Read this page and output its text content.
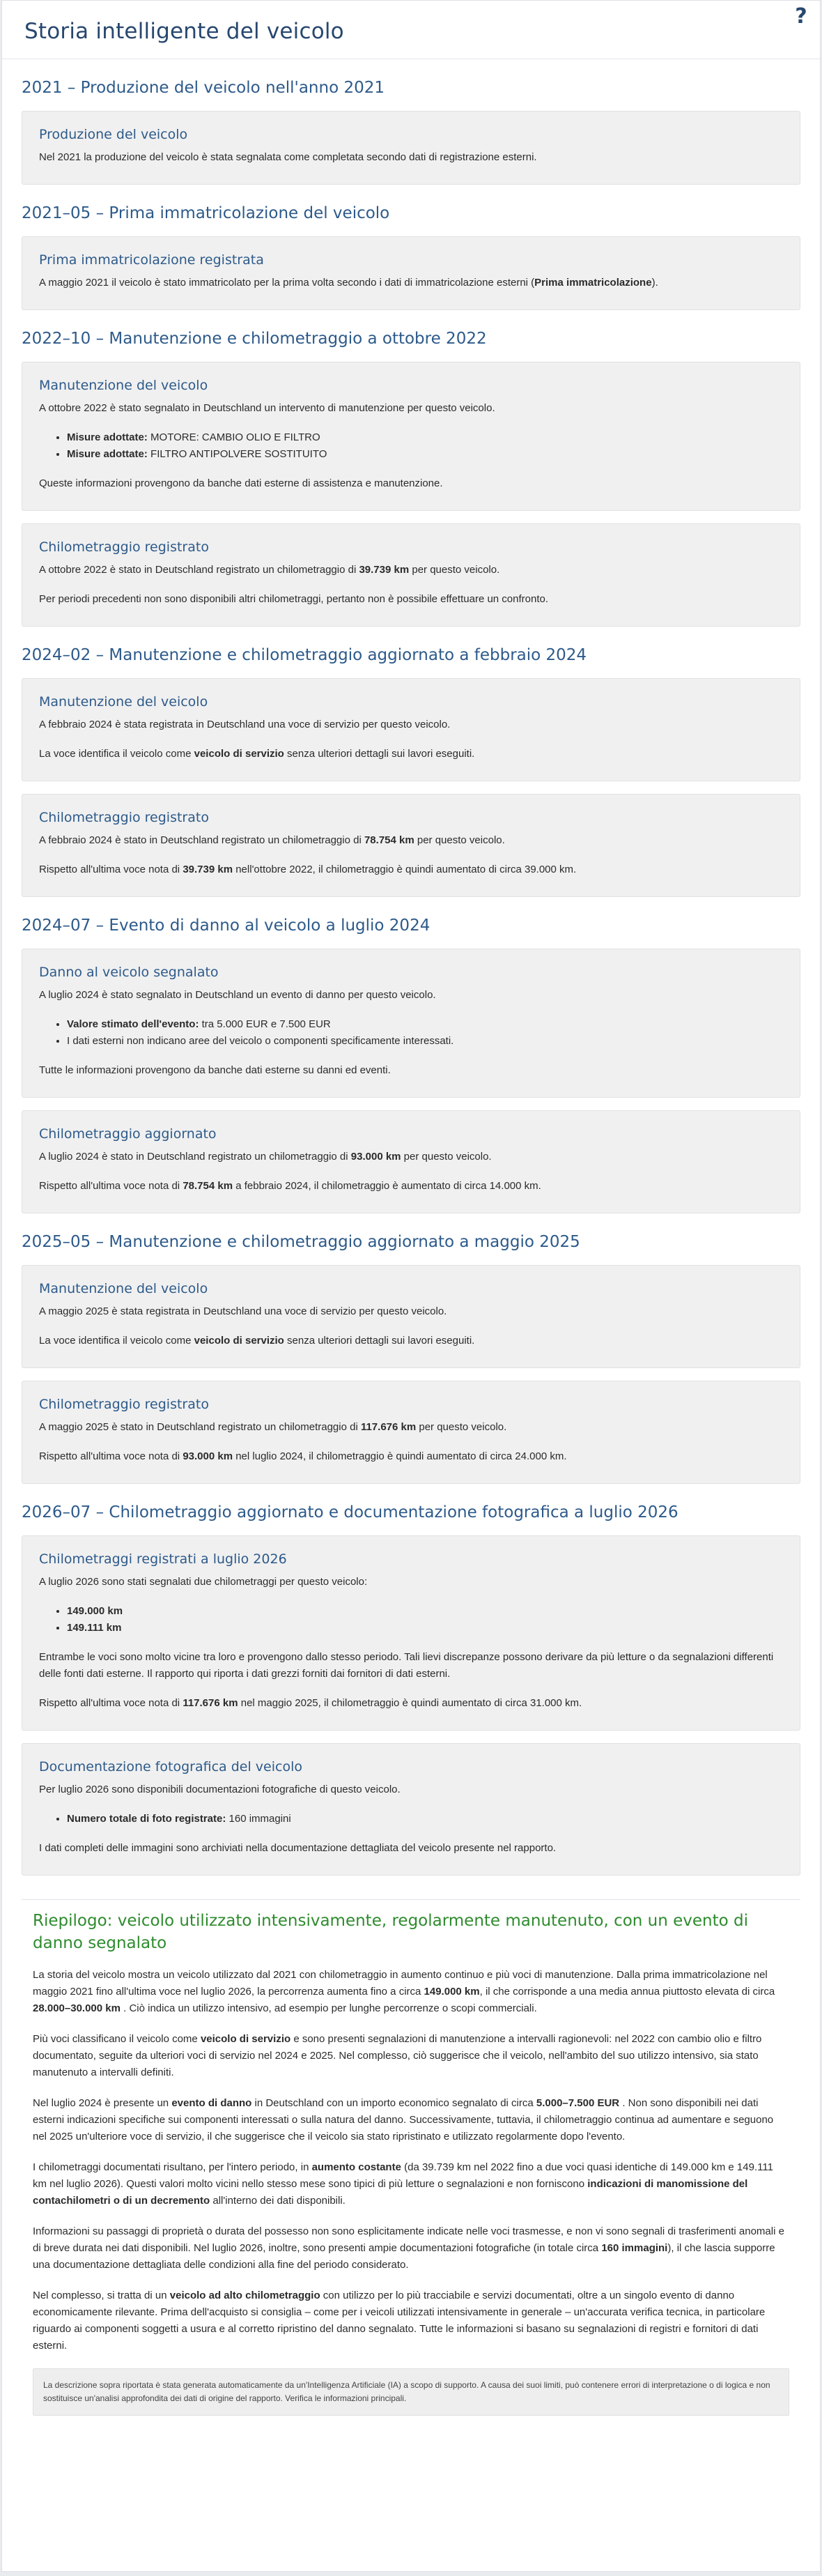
Storia intelligente del veicolo
?
2021 – Produzione del veicolo nell'anno 2021
Produzione del veicolo

Nel 2021 la produzione del veicolo è stata segnalata come completata secondo dati di registrazione esterni.

2021–05 – Prima immatricolazione del veicolo
Prima immatricolazione registrata

A maggio 2021 il veicolo è stato immatricolato per la prima volta secondo i dati di immatricolazione esterni (Prima immatricolazione).

2022–10 – Manutenzione e chilometraggio a ottobre 2022
Manutenzione del veicolo

A ottobre 2022 è stato segnalato in Deutschland un intervento di manutenzione per questo veicolo.

• Misure adottate: MOTORE: CAMBIO OLIO E FILTRO
• Misure adottate: FILTRO ANTIPOLVERE SOSTITUITO

Queste informazioni provengono da banche dati esterne di assistenza e manutenzione.

Chilometraggio registrato

A ottobre 2022 è stato in Deutschland registrato un chilometraggio di 39.739 km per questo veicolo.

Per periodi precedenti non sono disponibili altri chilometraggi, pertanto non è possibile effettuare un confronto.

2024–02 – Manutenzione e chilometraggio aggiornato a febbraio 2024
Manutenzione del veicolo

A febbraio 2024 è stata registrata in Deutschland una voce di servizio per questo veicolo.

La voce identifica il veicolo come veicolo di servizio senza ulteriori dettagli sui lavori eseguiti.

Chilometraggio registrato

A febbraio 2024 è stato in Deutschland registrato un chilometraggio di 78.754 km per questo veicolo.

Rispetto all'ultima voce nota di 39.739 km nell'ottobre 2022, il chilometraggio è quindi aumentato di circa 39.000 km.

2024–07 – Evento di danno al veicolo a luglio 2024
Danno al veicolo segnalato

A luglio 2024 è stato segnalato in Deutschland un evento di danno per questo veicolo.

• Valore stimato dell'evento: tra 5.000 EUR e 7.500 EUR
• I dati esterni non indicano aree del veicolo o componenti specificamente interessati.

Tutte le informazioni provengono da banche dati esterne su danni ed eventi.

Chilometraggio aggiornato

A luglio 2024 è stato in Deutschland registrato un chilometraggio di 93.000 km per questo veicolo.

Rispetto all'ultima voce nota di 78.754 km a febbraio 2024, il chilometraggio è aumentato di circa 14.000 km.

2025–05 – Manutenzione e chilometraggio aggiornato a maggio 2025
Manutenzione del veicolo

A maggio 2025 è stata registrata in Deutschland una voce di servizio per questo veicolo.

La voce identifica il veicolo come veicolo di servizio senza ulteriori dettagli sui lavori eseguiti.

Chilometraggio registrato

A maggio 2025 è stato in Deutschland registrato un chilometraggio di 117.676 km per questo veicolo.

Rispetto all'ultima voce nota di 93.000 km nel luglio 2024, il chilometraggio è quindi aumentato di circa 24.000 km.

2026–07 – Chilometraggio aggiornato e documentazione fotografica a luglio 2026
Chilometraggi registrati a luglio 2026

A luglio 2026 sono stati segnalati due chilometraggi per questo veicolo:

• 149.000 km
• 149.111 km

Entrambe le voci sono molto vicine tra loro e provengono dallo stesso periodo. Tali lievi discrepanze possono derivare da più letture o da segnalazioni differenti delle fonti dati esterne. Il rapporto qui riporta i dati grezzi forniti dai fornitori di dati esterni.

Rispetto all'ultima voce nota di 117.676 km nel maggio 2025, il chilometraggio è quindi aumentato di circa 31.000 km.

Documentazione fotografica del veicolo

Per luglio 2026 sono disponibili documentazioni fotografiche di questo veicolo.

• Numero totale di foto registrate: 160 immagini

I dati completi delle immagini sono archiviati nella documentazione dettagliata del veicolo presente nel rapporto.

Riepilogo: veicolo utilizzato intensivamente, regolarmente manutenuto, con un evento di danno segnalato

La storia del veicolo mostra un veicolo utilizzato dal 2021 con chilometraggio in aumento continuo e più voci di manutenzione. Dalla prima immatricolazione nel maggio 2021 fino all'ultima voce nel luglio 2026, la percorrenza aumenta fino a circa 149.000 km, il che corrisponde a una media annua piuttosto elevata di circa 28.000–30.000 km . Ciò indica un utilizzo intensivo, ad esempio per lunghe percorrenze o scopi commerciali.

Più voci classificano il veicolo come veicolo di servizio e sono presenti segnalazioni di manutenzione a intervalli ragionevoli: nel 2022 con cambio olio e filtro documentato, seguite da ulteriori voci di servizio nel 2024 e 2025. Nel complesso, ciò suggerisce che il veicolo, nell'ambito del suo utilizzo intensivo, sia stato manutenuto a intervalli definiti.

Nel luglio 2024 è presente un evento di danno in Deutschland con un importo economico segnalato di circa 5.000–7.500 EUR . Non sono disponibili nei dati esterni indicazioni specifiche sui componenti interessati o sulla natura del danno. Successivamente, tuttavia, il chilometraggio continua ad aumentare e seguono nel 2025 un'ulteriore voce di servizio, il che suggerisce che il veicolo sia stato ripristinato e utilizzato regolarmente dopo l'evento.

I chilometraggi documentati risultano, per l'intero periodo, in aumento costante (da 39.739 km nel 2022 fino a due voci quasi identiche di 149.000 km e 149.111 km nel luglio 2026). Questi valori molto vicini nello stesso mese sono tipici di più letture o segnalazioni e non forniscono indicazioni di manomissione del contachilometri o di un decremento all'interno dei dati disponibili.

Informazioni su passaggi di proprietà o durata del possesso non sono esplicitamente indicate nelle voci trasmesse, e non vi sono segnali di trasferimenti anomali e di breve durata nei dati disponibili. Nel luglio 2026, inoltre, sono presenti ampie documentazioni fotografiche (in totale circa 160 immagini), il che lascia supporre una documentazione dettagliata delle condizioni alla fine del periodo considerato.

Nel complesso, si tratta di un veicolo ad alto chilometraggio con utilizzo per lo più tracciabile e servizi documentati, oltre a un singolo evento di danno economicamente rilevante. Prima dell'acquisto si consiglia – come per i veicoli utilizzati intensivamente in generale – un'accurata verifica tecnica, in particolare riguardo ai componenti soggetti a usura e al corretto ripristino del danno segnalato. Tutte le informazioni si basano su segnalazioni di registri e fornitori di dati esterni.

La descrizione sopra riportata è stata generata automaticamente da un'Intelligenza Artificiale (IA) a scopo di supporto. A causa dei suoi limiti, può contenere errori di interpretazione o di logica e non sostituisce un'analisi approfondita dei dati di origine del rapporto. Verifica le informazioni principali.
